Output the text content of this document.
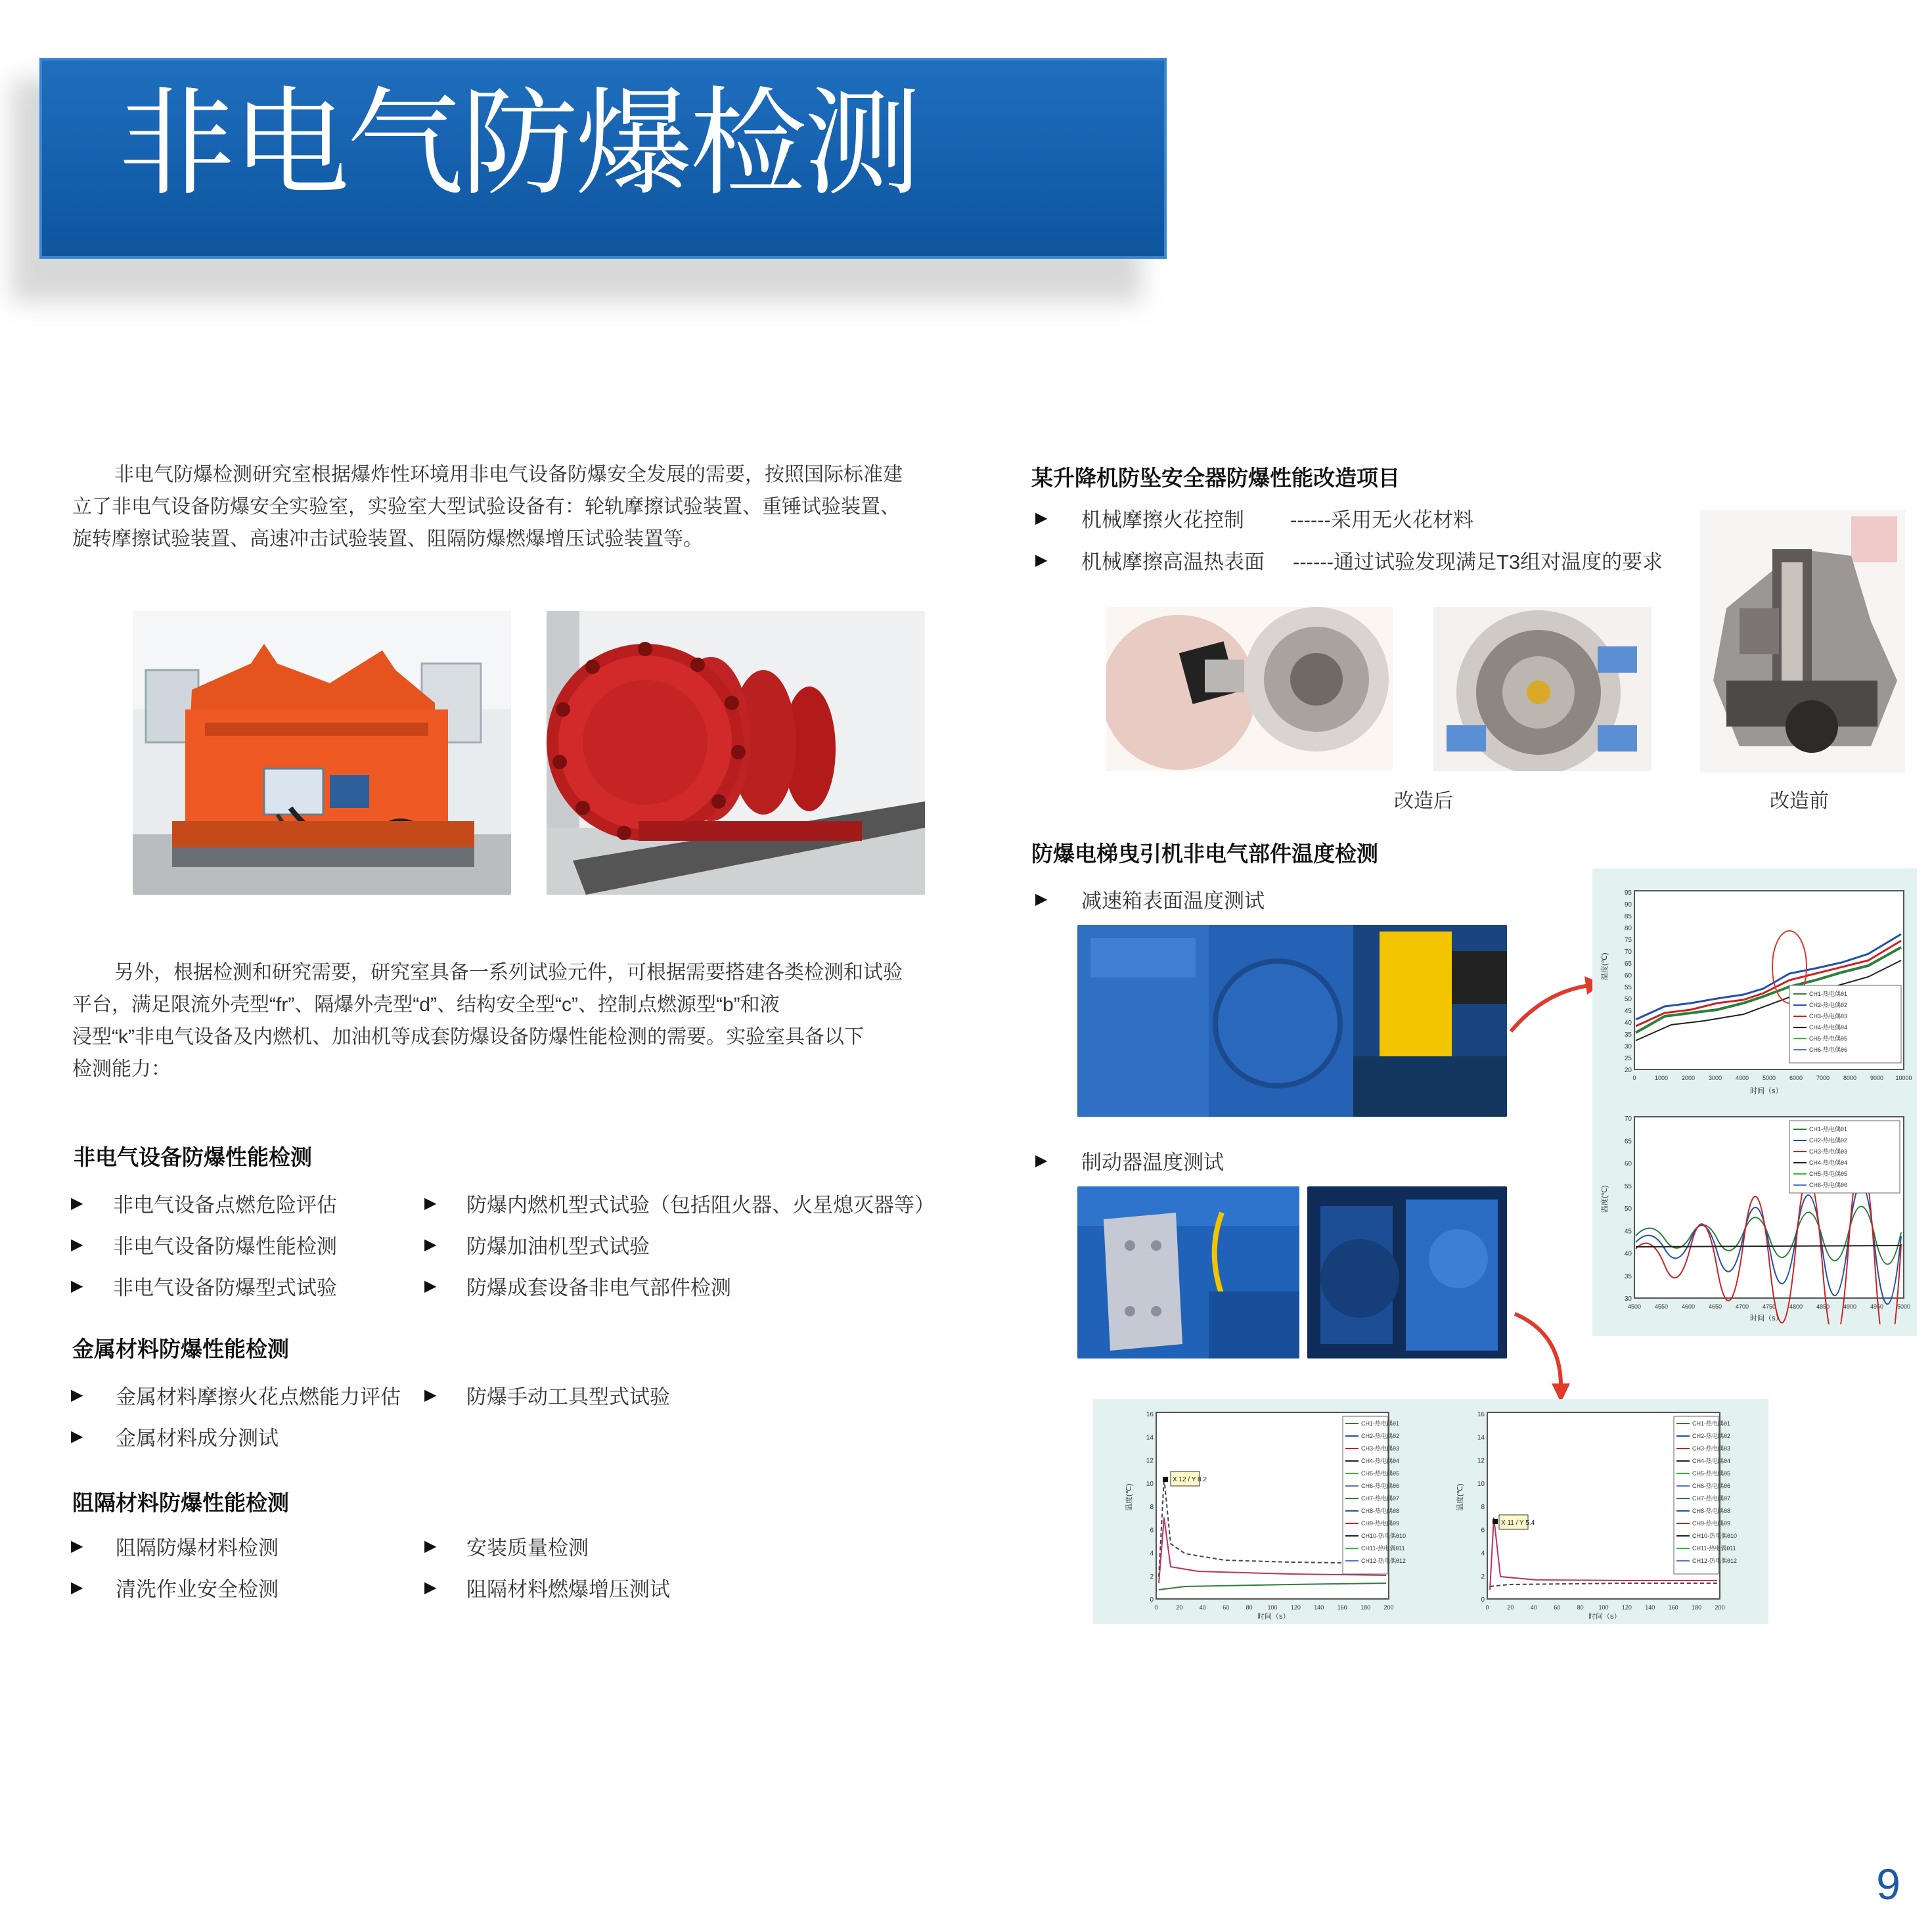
非电气防爆检测
非电气防爆检测研究室根据爆炸性环境用非电气设备防爆安全发展的需要，按照国际标准建
立了非电气设备防爆安全实验室，实验室大型试验设备有：轮轨摩擦试验装置、重锤试验装置、
旋转摩擦试验装置、高速冲击试验装置、阻隔防爆燃爆增压试验装置等。
另外，根据检测和研究需要，研究室具备一系列试验元件，可根据需要搭建各类检测和试验
平台，满足限流外壳型“fr”、隔爆外壳型“d”、结构安全型“c”、控制点燃源型“b”和液
浸型“k”非电气设备及内燃机、加油机等成套防爆设备防爆性能检测的需要。实验室具备以下
检测能力：
非电气设备防爆性能检测
▶	非电气设备点燃危险评估
▶	非电气设备防爆性能检测
▶	非电气设备防爆型式试验
▶	防爆内燃机型式试验（包括阻火器、火星熄灭器等）
▶	防爆加油机型式试验
▶	防爆成套设备非电气部件检测
金属材料防爆性能检测
▶	金属材料摩擦火花点燃能力评估
▶	金属材料成分测试
▶	防爆手动工具型式试验
阻隔材料防爆性能检测
▶	阻隔防爆材料检测
▶	清洗作业安全检测
▶	安装质量检测
▶	阻隔材料燃爆增压测试
某升降机防坠安全器防爆性能改造项目
▶	机械摩擦火花控制	------采用无火花材料
▶	机械摩擦高温热表面	------通过试验发现满足T3组对温度的要求
改造后	改造前
防爆电梯曳引机非电气部件温度检测
▶	减速箱表面温度测试
▶	制动器温度测试
95
90
85
80
75
70
65
60
55
50
45
40
35
30
25
20
0	1000 2000 3000 4000 5000 6000 7000 8000 9000 10000
CH1-热电偶θ1
CH2-热电偶θ2
CH3-热电偶θ3
CH4-热电偶θ4
CH5-热电偶θ5
CH6-热电偶θ6
温度(℃)
时间（s）
70
65
60
55
50
45
40
35
30
4500 4550 4600 4650 4700 4750 4800 4850 4900 4950 5000
CH1-热电偶θ1
CH2-热电偶θ2
CH3-热电偶θ3
CH4-热电偶θ4
CH5-热电偶θ5
CH6-热电偶θ6
温度(℃)
时间（s）
16
14
12
10
8
6
4
2
0
0	20	40	60	80	100 120 140 160 180 200
X 12 / Y 8.2
CH1-热电偶θ1
CH2-热电偶θ2
CH3-热电偶θ3
CH4-热电偶θ4
CH5-热电偶θ5
CH6-热电偶θ6
CH7-热电偶θ7
CH8-热电偶θ8
CH9-热电偶θ9
CH10-热电偶θ10
CH11-热电偶θ11
CH12-热电偶θ12
温度(℃)
时间（s）
16
14
12
10
8
6
4
2
0
0	20	40	60	80	100 120 140 160 180 200
X 11 / Y 5.4
CH1-热电偶θ1
CH2-热电偶θ2
CH3-热电偶θ3
CH4-热电偶θ4
CH5-热电偶θ5
CH6-热电偶θ6
CH7-热电偶θ7
CH8-热电偶θ8
CH9-热电偶θ9
CH10-热电偶θ10
CH11-热电偶θ11
CH12-热电偶θ12
温度(℃)
时间（s）
9
